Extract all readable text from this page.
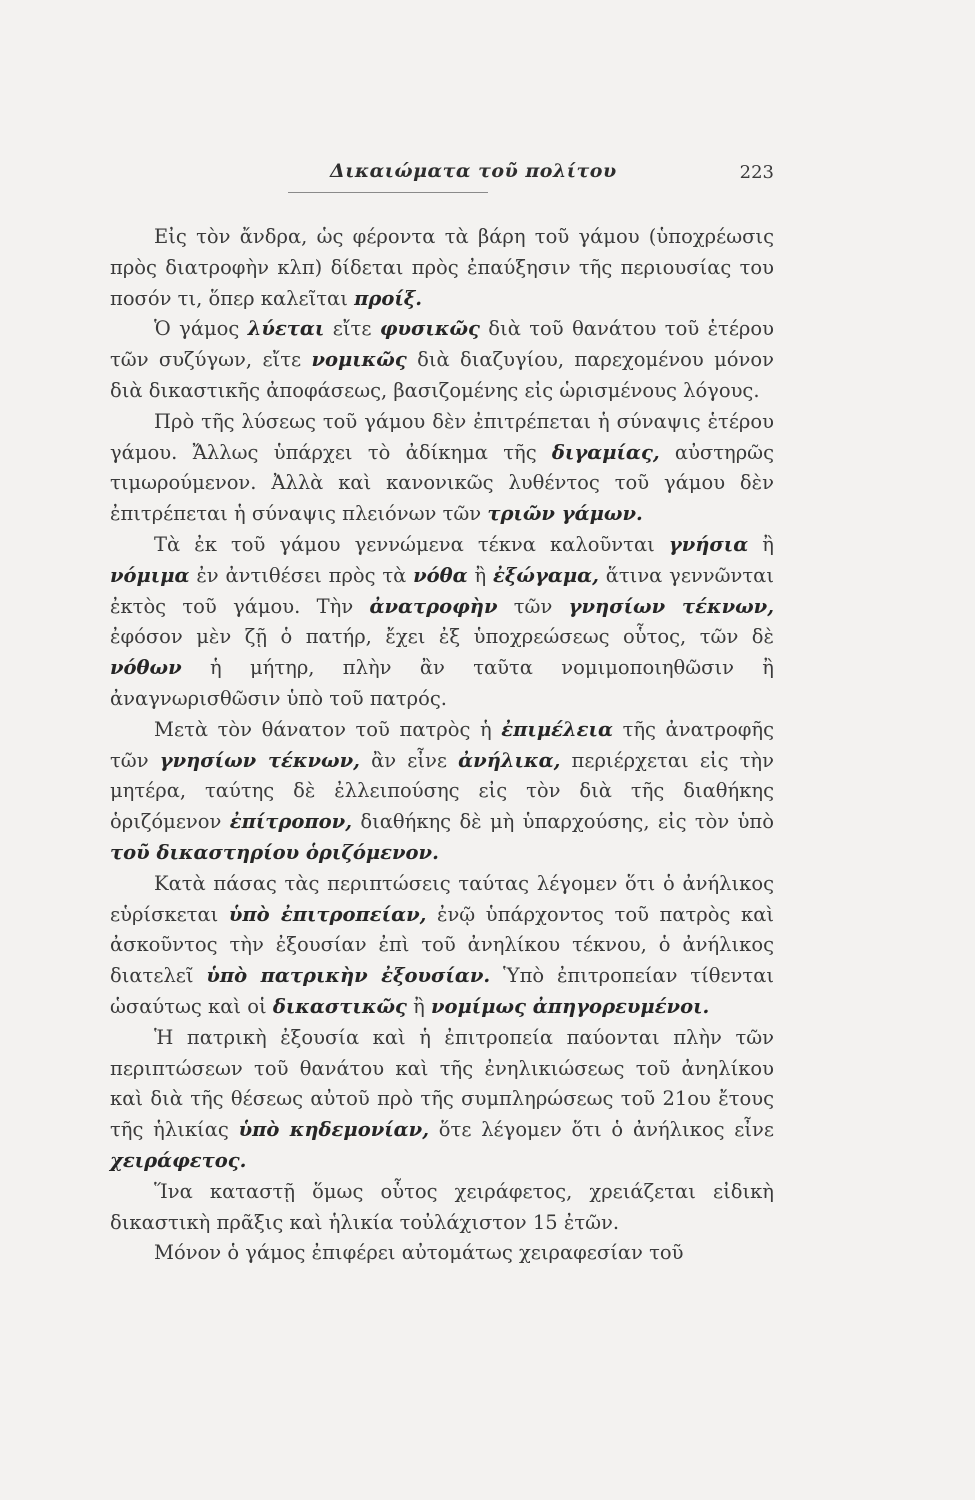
Δικαιώματα τοῦ πολίτου	223

Εἰς τὸν ἄνδρα, ὡς φέροντα τὰ βάρη τοῦ γάμου (ὑποχρέωσις πρὸς διατροφὴν κλπ) δίδεται πρὸς ἐπαύξησιν τῆς περιουσίας του ποσόν τι, ὅπερ καλεῖται προίξ.

Ὁ γάμος λύεται εἴτε φυσικῶς διὰ τοῦ θανάτου τοῦ ἑτέρου τῶν συζύγων, εἴτε νομικῶς διὰ διαζυγίου, παρεχομένου μόνον διὰ δικαστικῆς ἀποφάσεως, βασιζομένης εἰς ὡρισμένους λόγους.

Πρὸ τῆς λύσεως τοῦ γάμου δὲν ἐπιτρέπεται ἡ σύναψις ἑτέρου γάμου. Ἄλλως ὑπάρχει τὸ ἀδίκημα τῆς διγαμίας, αὐστηρῶς τιμωρούμενον. Ἀλλὰ καὶ κανονικῶς λυθέντος τοῦ γάμου δὲν ἐπιτρέπεται ἡ σύναψις πλειόνων τῶν τριῶν γάμων.

Τὰ ἐκ τοῦ γάμου γεννώμενα τέκνα καλοῦνται γνήσια ἢ νόμιμα ἐν ἀντιθέσει πρὸς τὰ νόθα ἢ ἐξώγαμα, ἅτινα γεννῶνται ἐκτὸς τοῦ γάμου. Τὴν ἀνατροφὴν τῶν γνησίων τέκνων, ἐφόσον μὲν ζῇ ὁ πατήρ, ἔχει ἐξ ὑποχρεώσεως οὗτος, τῶν δὲ νόθων ἡ μήτηρ, πλὴν ἂν ταῦτα νομιμοποιηθῶσιν ἢ ἀναγνωρισθῶσιν ὑπὸ τοῦ πατρός.

Μετὰ τὸν θάνατον τοῦ πατρὸς ἡ ἐπιμέλεια τῆς ἀνατροφῆς τῶν γνησίων τέκνων, ἂν εἶνε ἀνήλικα, περιέρχεται εἰς τὴν μητέρα, ταύτης δὲ ἐλλειπούσης εἰς τὸν διὰ τῆς διαθήκης ὁριζόμενον ἐπίτροπον, διαθήκης δὲ μὴ ὑπαρχούσης, εἰς τὸν ὑπὸ τοῦ δικαστηρίου ὁριζόμενον.

Κατὰ πάσας τὰς περιπτώσεις ταύτας λέγομεν ὅτι ὁ ἀνήλικος εὑρίσκεται ὑπὸ ἐπιτροπείαν, ἐνῷ ὑπάρχοντος τοῦ πατρὸς καὶ ἀσκοῦντος τὴν ἐξουσίαν ἐπὶ τοῦ ἀνηλίκου τέκνου, ὁ ἀνήλικος διατελεῖ ὑπὸ πατρικὴν ἐξουσίαν. Ὑπὸ ἐπιτροπείαν τίθενται ὡσαύτως καὶ οἱ δικαστικῶς ἢ νομίμως ἀπηγορευμένοι.

Ἡ πατρικὴ ἐξουσία καὶ ἡ ἐπιτροπεία παύονται πλὴν τῶν περιπτώσεων τοῦ θανάτου καὶ τῆς ἐνηλικιώσεως τοῦ ἀνηλίκου καὶ διὰ τῆς θέσεως αὐτοῦ πρὸ τῆς συμπληρώσεως τοῦ 21ου ἔτους τῆς ἡλικίας ὑπὸ κηδεμονίαν, ὅτε λέγομεν ὅτι ὁ ἀνήλικος εἶνε χειράφετος.

Ἵνα καταστῇ ὅμως οὗτος χειράφετος, χρειάζεται εἰδικὴ δικαστικὴ πρᾶξις καὶ ἡλικία τοὐλάχιστον 15 ἐτῶν.

Μόνον ὁ γάμος ἐπιφέρει αὐτομάτως χειραφεσίαν τοῦ
